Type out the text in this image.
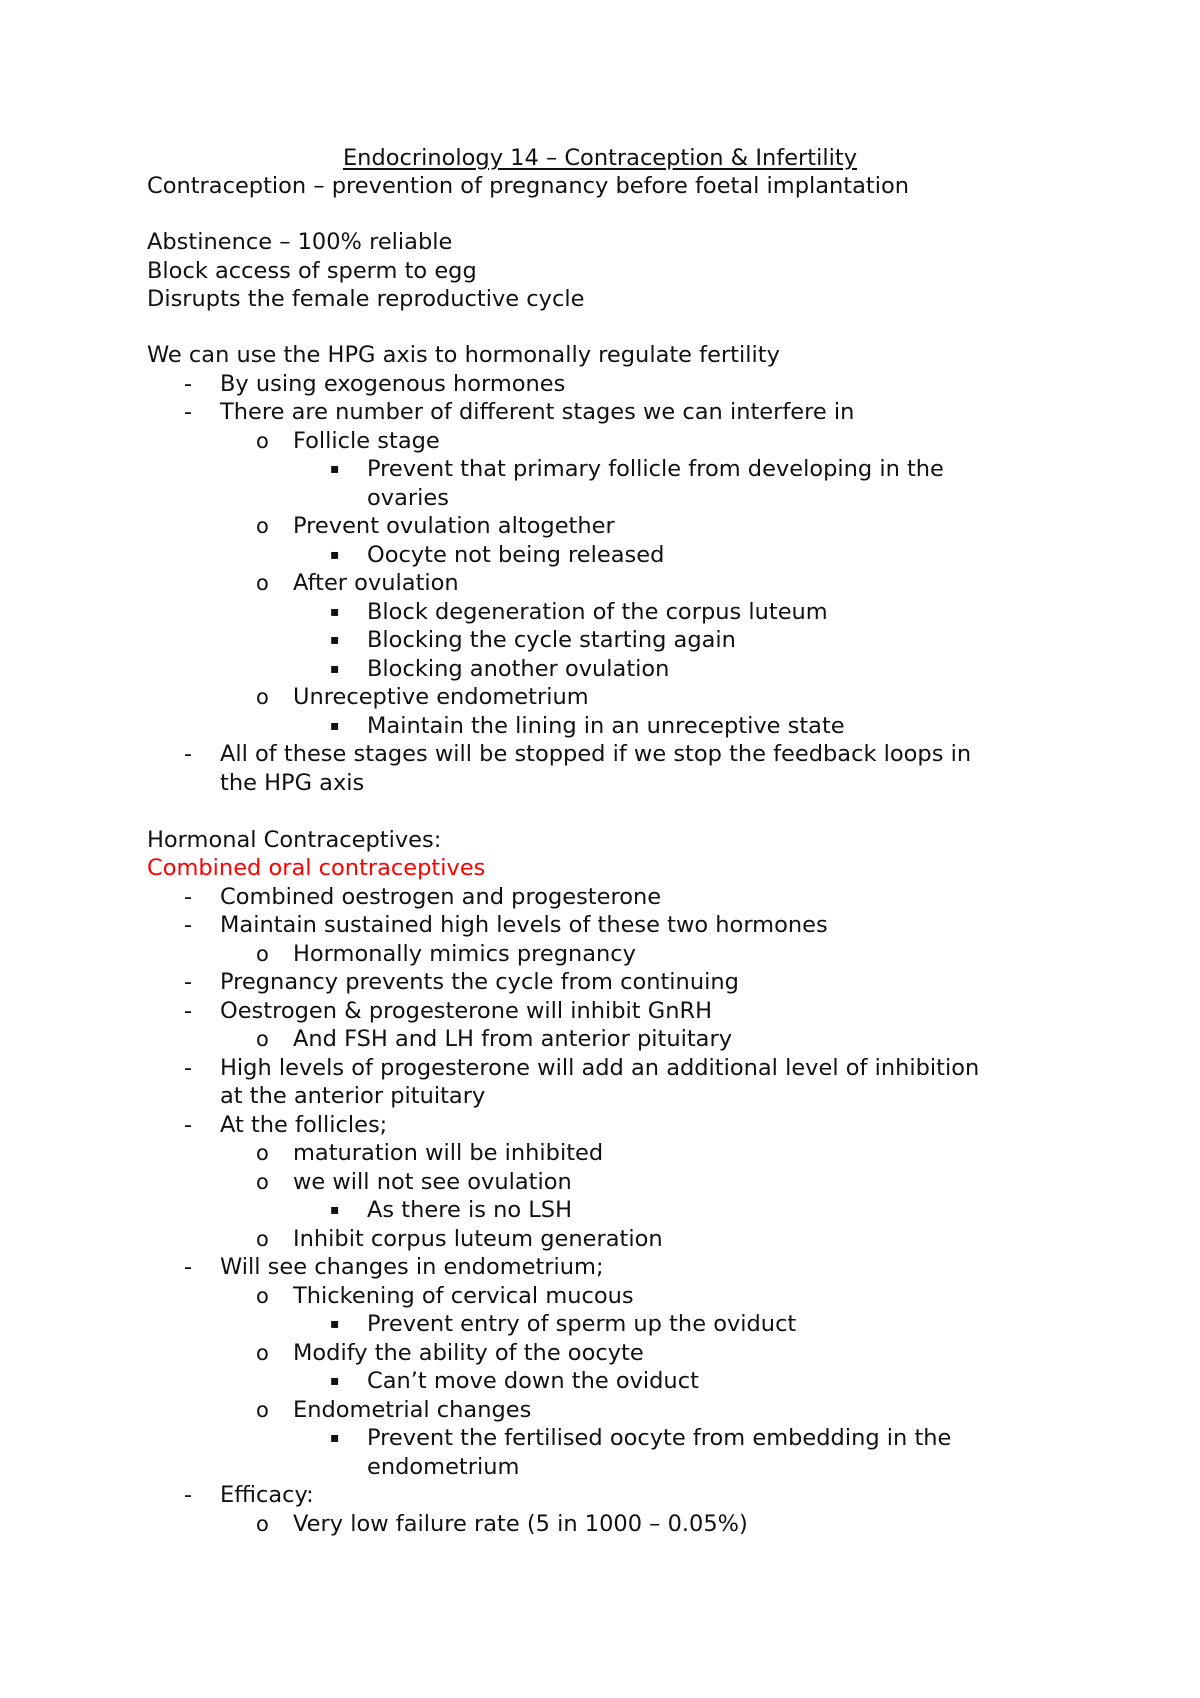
Endocrinology 14 – Contraception & Infertility
Contraception – prevention of pregnancy before foetal implantation
Abstinence – 100% reliable
Block access of sperm to egg
Disrupts the female reproductive cycle
We can use the HPG axis to hormonally regulate fertility
- By using exogenous hormones
- There are number of different stages we can interfere in
o Follicle stage
▪ Prevent that primary follicle from developing in the
ovaries
o Prevent ovulation altogether
▪ Oocyte not being released
o After ovulation
▪ Block degeneration of the corpus luteum
▪ Blocking the cycle starting again
▪ Blocking another ovulation
o Unreceptive endometrium
▪ Maintain the lining in an unreceptive state
- All of these stages will be stopped if we stop the feedback loops in
the HPG axis
Hormonal Contraceptives:
Combined oral contraceptives
- Combined oestrogen and progesterone
- Maintain sustained high levels of these two hormones
o Hormonally mimics pregnancy
- Pregnancy prevents the cycle from continuing
- Oestrogen & progesterone will inhibit GnRH
o And FSH and LH from anterior pituitary
- High levels of progesterone will add an additional level of inhibition
at the anterior pituitary
- At the follicles;
o maturation will be inhibited
o we will not see ovulation
▪ As there is no LSH
o Inhibit corpus luteum generation
- Will see changes in endometrium;
o Thickening of cervical mucous
▪ Prevent entry of sperm up the oviduct
o Modify the ability of the oocyte
▪ Can’t move down the oviduct
o Endometrial changes
▪ Prevent the fertilised oocyte from embedding in the
endometrium
- Efficacy:
o Very low failure rate (5 in 1000 – 0.05%)
